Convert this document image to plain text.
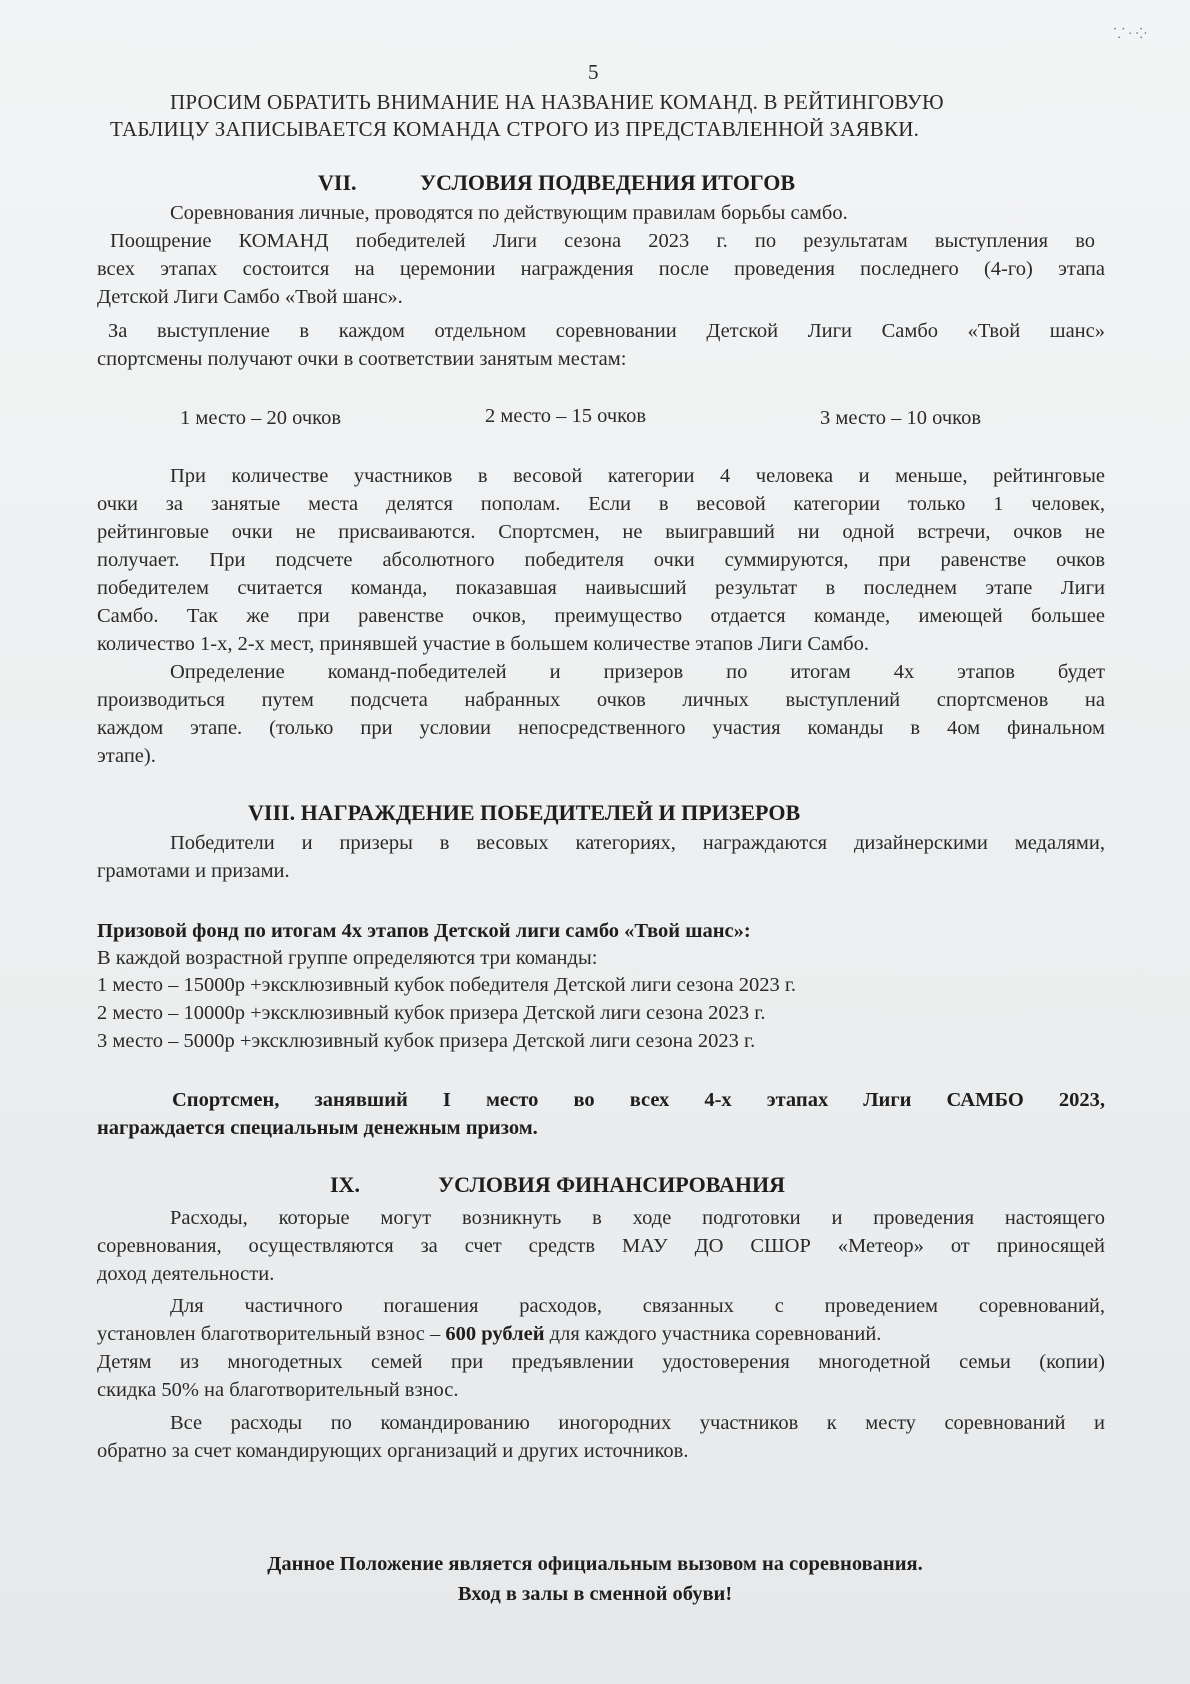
⸪·⁘
5
ПРОСИМ ОБРАТИТЬ ВНИМАНИЕ НА НАЗВАНИЕ КОМАНД. В РЕЙТИНГОВУЮ
ТАБЛИЦУ ЗАПИСЫВАЕТСЯ КОМАНДА СТРОГО ИЗ ПРЕДСТАВЛЕННОЙ ЗАЯВКИ.
VII.	УСЛОВИЯ ПОДВЕДЕНИЯ ИТОГОВ
Соревнования личные, проводятся по действующим правилам борьбы самбо.
Поощрение КОМАНД победителей Лиги сезона 2023 г. по результатам выступления во
всех этапах состоится на церемонии награждения после проведения последнего (4-го) этапа
Детской Лиги Самбо «Твой шанс».
За выступление в каждом отдельном соревновании Детской Лиги Самбо «Твой шанс»
спортсмены получают очки в соответствии занятым местам:
1 место – 20 очков	2 место – 15 очков	3 место – 10 очков
При количестве участников в весовой категории 4 человека и меньше, рейтинговые
очки за занятые места делятся пополам. Если в весовой категории только 1 человек,
рейтинговые очки не присваиваются. Спортсмен, не выигравший ни одной встречи, очков не
получает. При подсчете абсолютного победителя очки суммируются, при равенстве очков
победителем считается команда, показавшая наивысший результат в последнем этапе Лиги
Самбо. Так же при равенстве очков, преимущество отдается команде, имеющей большее
количество 1-х, 2-х мест, принявшей участие в большем количестве этапов Лиги Самбо.
Определение команд-победителей и призеров по итогам 4х этапов будет
производиться путем подсчета набранных очков личных выступлений спортсменов на
каждом этапе. (только при условии непосредственного участия команды в 4ом финальном
этапе).
VIII. НАГРАЖДЕНИЕ ПОБЕДИТЕЛЕЙ И ПРИЗЕРОВ
Победители и призеры в весовых категориях, награждаются дизайнерскими медалями,
грамотами и призами.
Призовой фонд по итогам 4х этапов Детской лиги самбо «Твой шанс»:
В каждой возрастной группе определяются три команды:
1 место – 15000р +эксклюзивный кубок победителя Детской лиги сезона 2023 г.
2 место – 10000р +эксклюзивный кубок призера Детской лиги сезона 2023 г.
3 место – 5000р +эксклюзивный кубок призера Детской лиги сезона 2023 г.
Спортсмен, занявший I место во всех 4-х этапах Лиги САМБО 2023,
награждается специальным денежным призом.
IX.	УСЛОВИЯ ФИНАНСИРОВАНИЯ
Расходы, которые могут возникнуть в ходе подготовки и проведения настоящего
соревнования, осуществляются за счет средств МАУ ДО СШОР «Метеор» от приносящей
доход деятельности.
Для частичного погашения расходов, связанных с проведением соревнований,
установлен благотворительный взнос – 600 рублей для каждого участника соревнований.
Детям из многодетных семей при предъявлении удостоверения многодетной семьи (копии)
скидка 50% на благотворительный взнос.
Все расходы по командированию иногородних участников к месту соревнований и
обратно за счет командирующих организаций и других источников.
Данное Положение является официальным вызовом на соревнования.
Вход в залы в сменной обуви!
